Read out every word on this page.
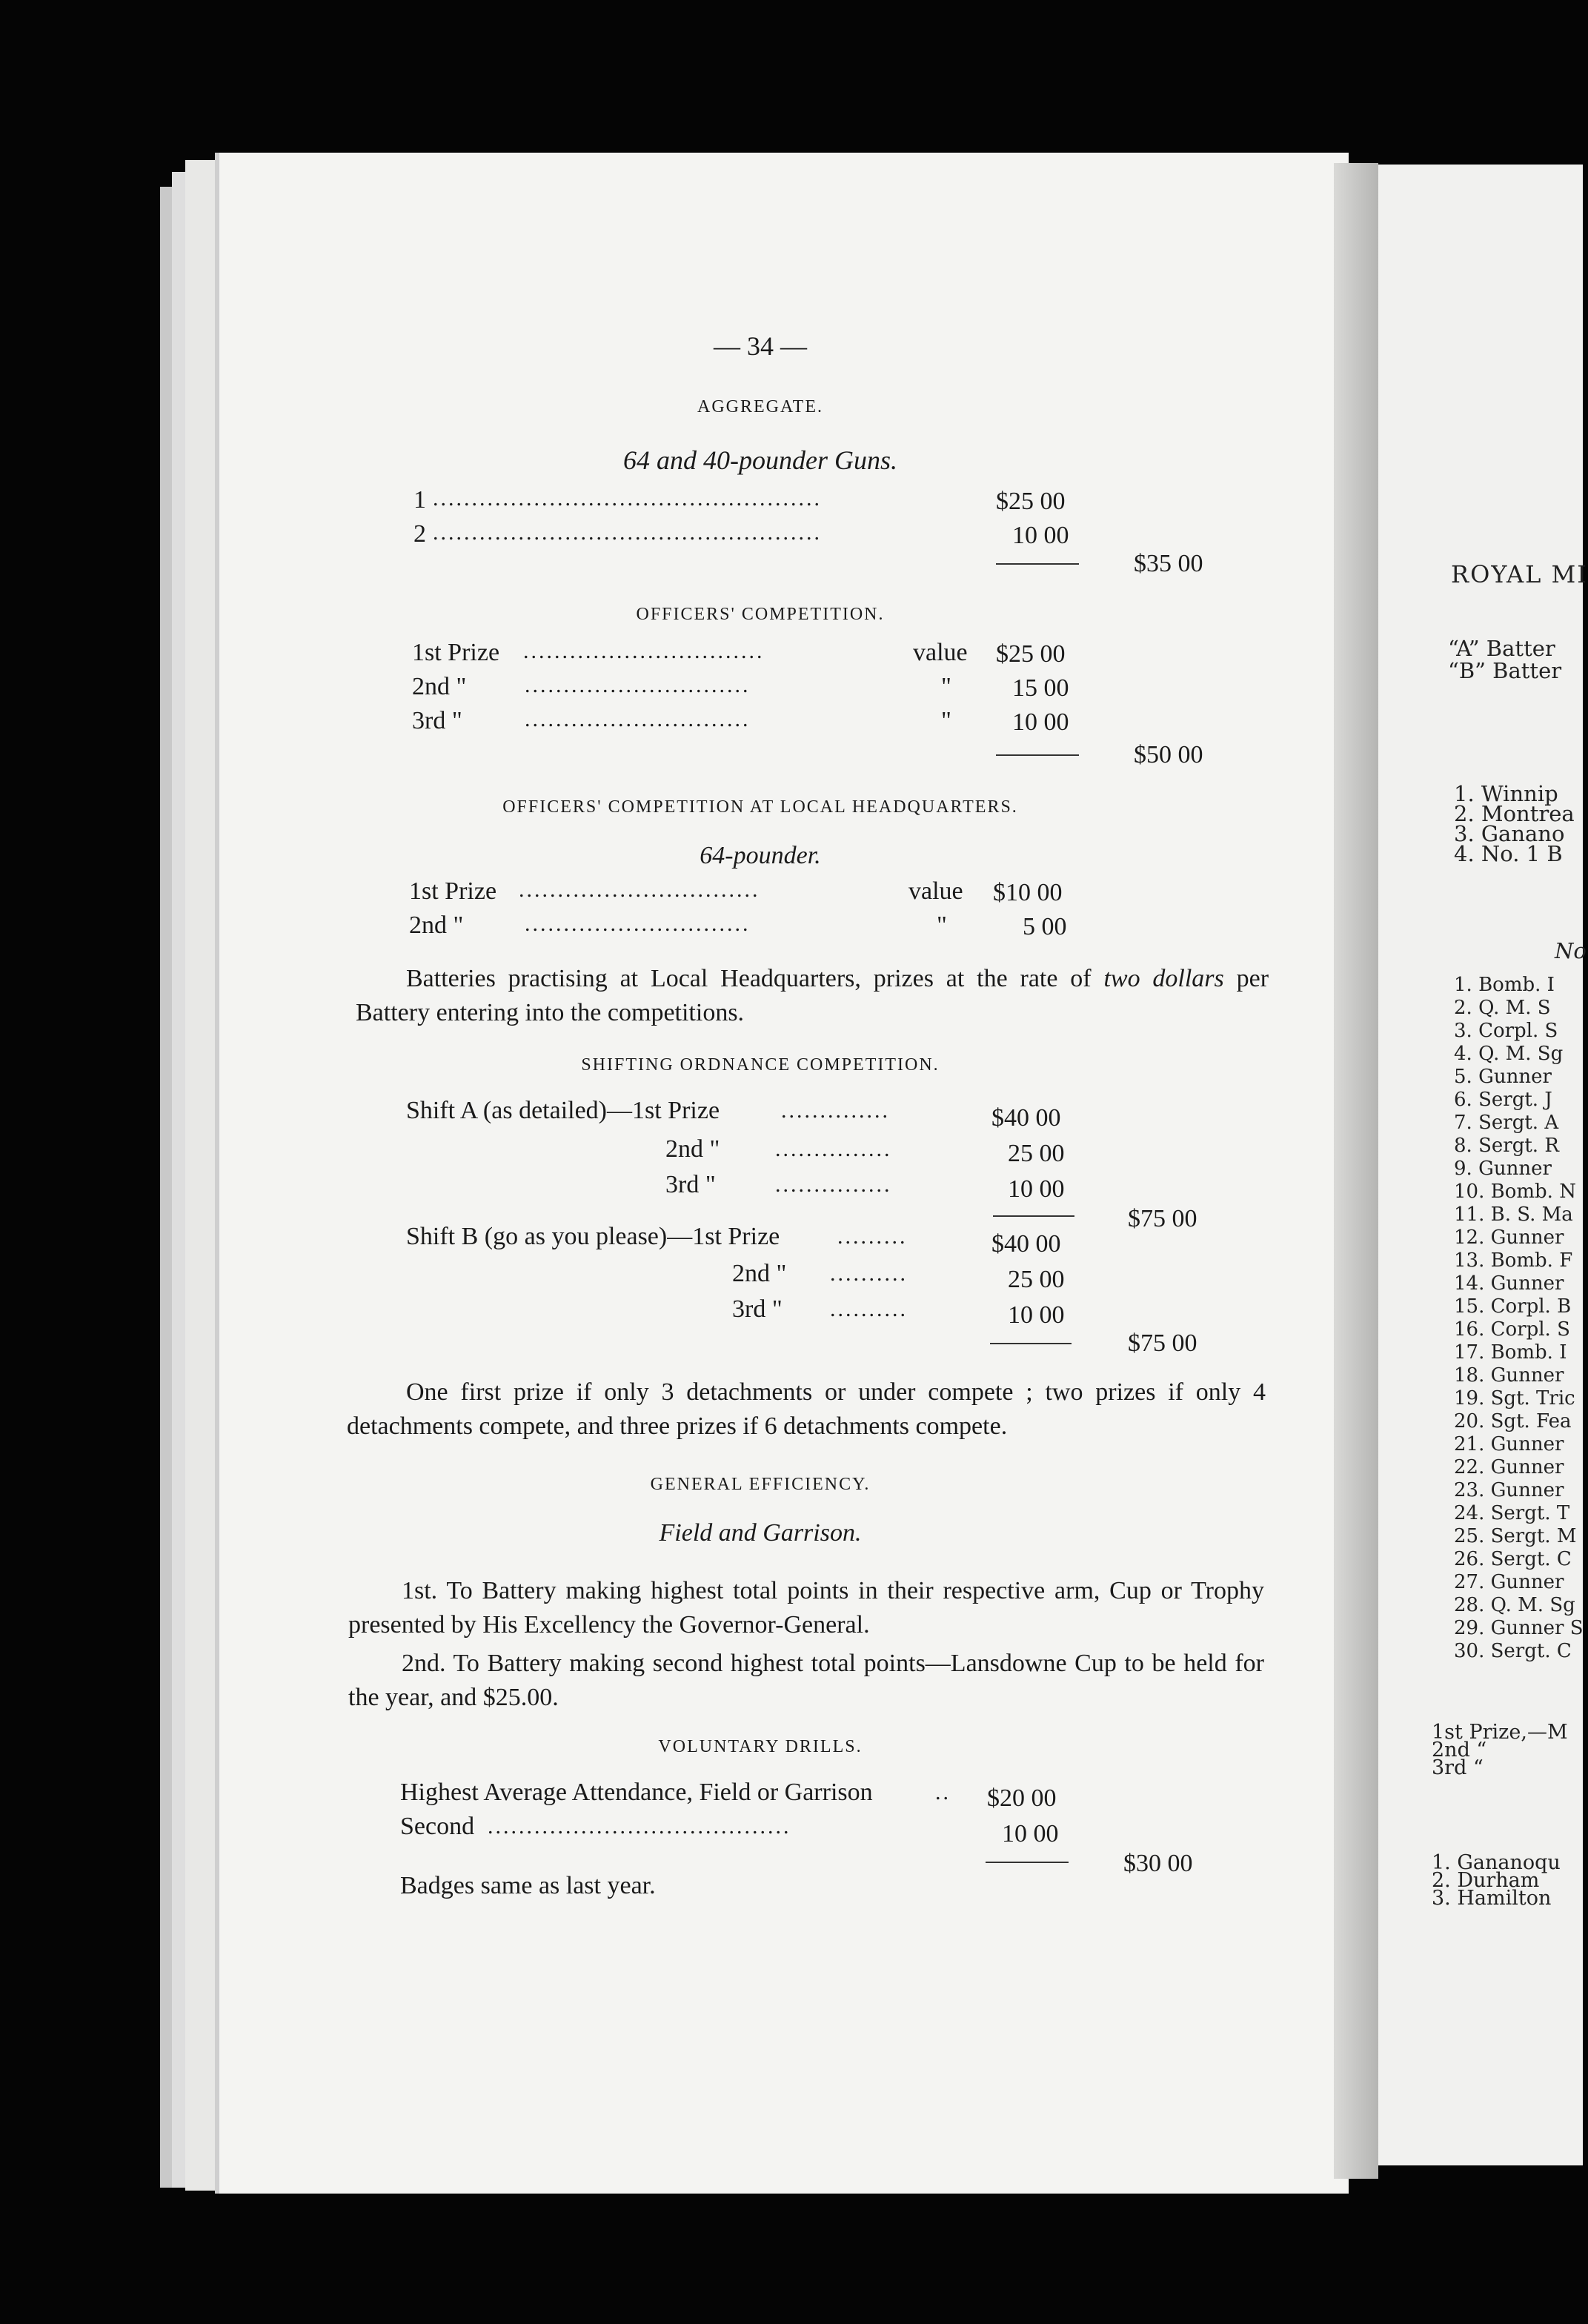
— 34 —
AGGREGATE.
64 and 40-pounder Guns.
1 ..................................................	$25 00
2 ..................................................	10 00
$35 00
OFFICERS' COMPETITION.
1st Prize ...............................	value $25 00
2nd "	.............................	" 15 00
3rd "	.............................	" 10 00
$50 00
OFFICERS' COMPETITION AT LOCAL HEADQUARTERS.
64-pounder.
1st Prize ...............................	value $10 00
2nd "	.............................	"	5 00
Batteries practising at Local Headquarters, prizes at the rate of two dollars per Battery entering into the competitions.
SHIFTING ORDNANCE COMPETITION.
Shift A (as detailed)—1st Prize	..............	$40 00
2nd " ...............	25 00
3rd "	...............	10 00
$75 00
Shift B (go as you please)—1st Prize	.........	$40 00
2nd " ..........	25 00
3rd " ..........	10 00
$75 00
One first prize if only 3 detachments or under compete ; two prizes if only 4 detachments compete, and three prizes if 6 detachments compete.
GENERAL EFFICIENCY.
Field and Garrison.
1st. To Battery making highest total points in their respective arm, Cup or Trophy presented by His Excellency the Governor-General.
2nd. To Battery making second highest total points—Lansdowne Cup to be held for the year, and $25.00.
VOLUNTARY DRILLS.
Highest Average Attendance, Field or Garrison	.. $20 00
Second .......................................	10 00
$30 00
Badges same as last year.
ROYAL MI
“A” Batter
“B” Batter
1. Winnip
2. Montrea
3. Ganano
4. No. 1 B
No
1. Bomb. I
2. Q. M. S
3. Corpl. S
4. Q. M. Sg
5. Gunner
6. Sergt. J
7. Sergt. A
8. Sergt. R
9. Gunner
10. Bomb. N
11. B. S. Ma
12. Gunner
13. Bomb. F
14. Gunner
15. Corpl. B
16. Corpl. S
17. Bomb. I
18. Gunner
19. Sgt. Tric
20. Sgt. Fea
21. Gunner
22. Gunner
23. Gunner
24. Sergt. T
25. Sergt. M
26. Sergt. C
27. Gunner
28. Q. M. Sg
29. Gunner S
30. Sergt. C
1st Prize,—M
2nd “
3rd “
1. Gananoqu
2. Durham
3. Hamilton
